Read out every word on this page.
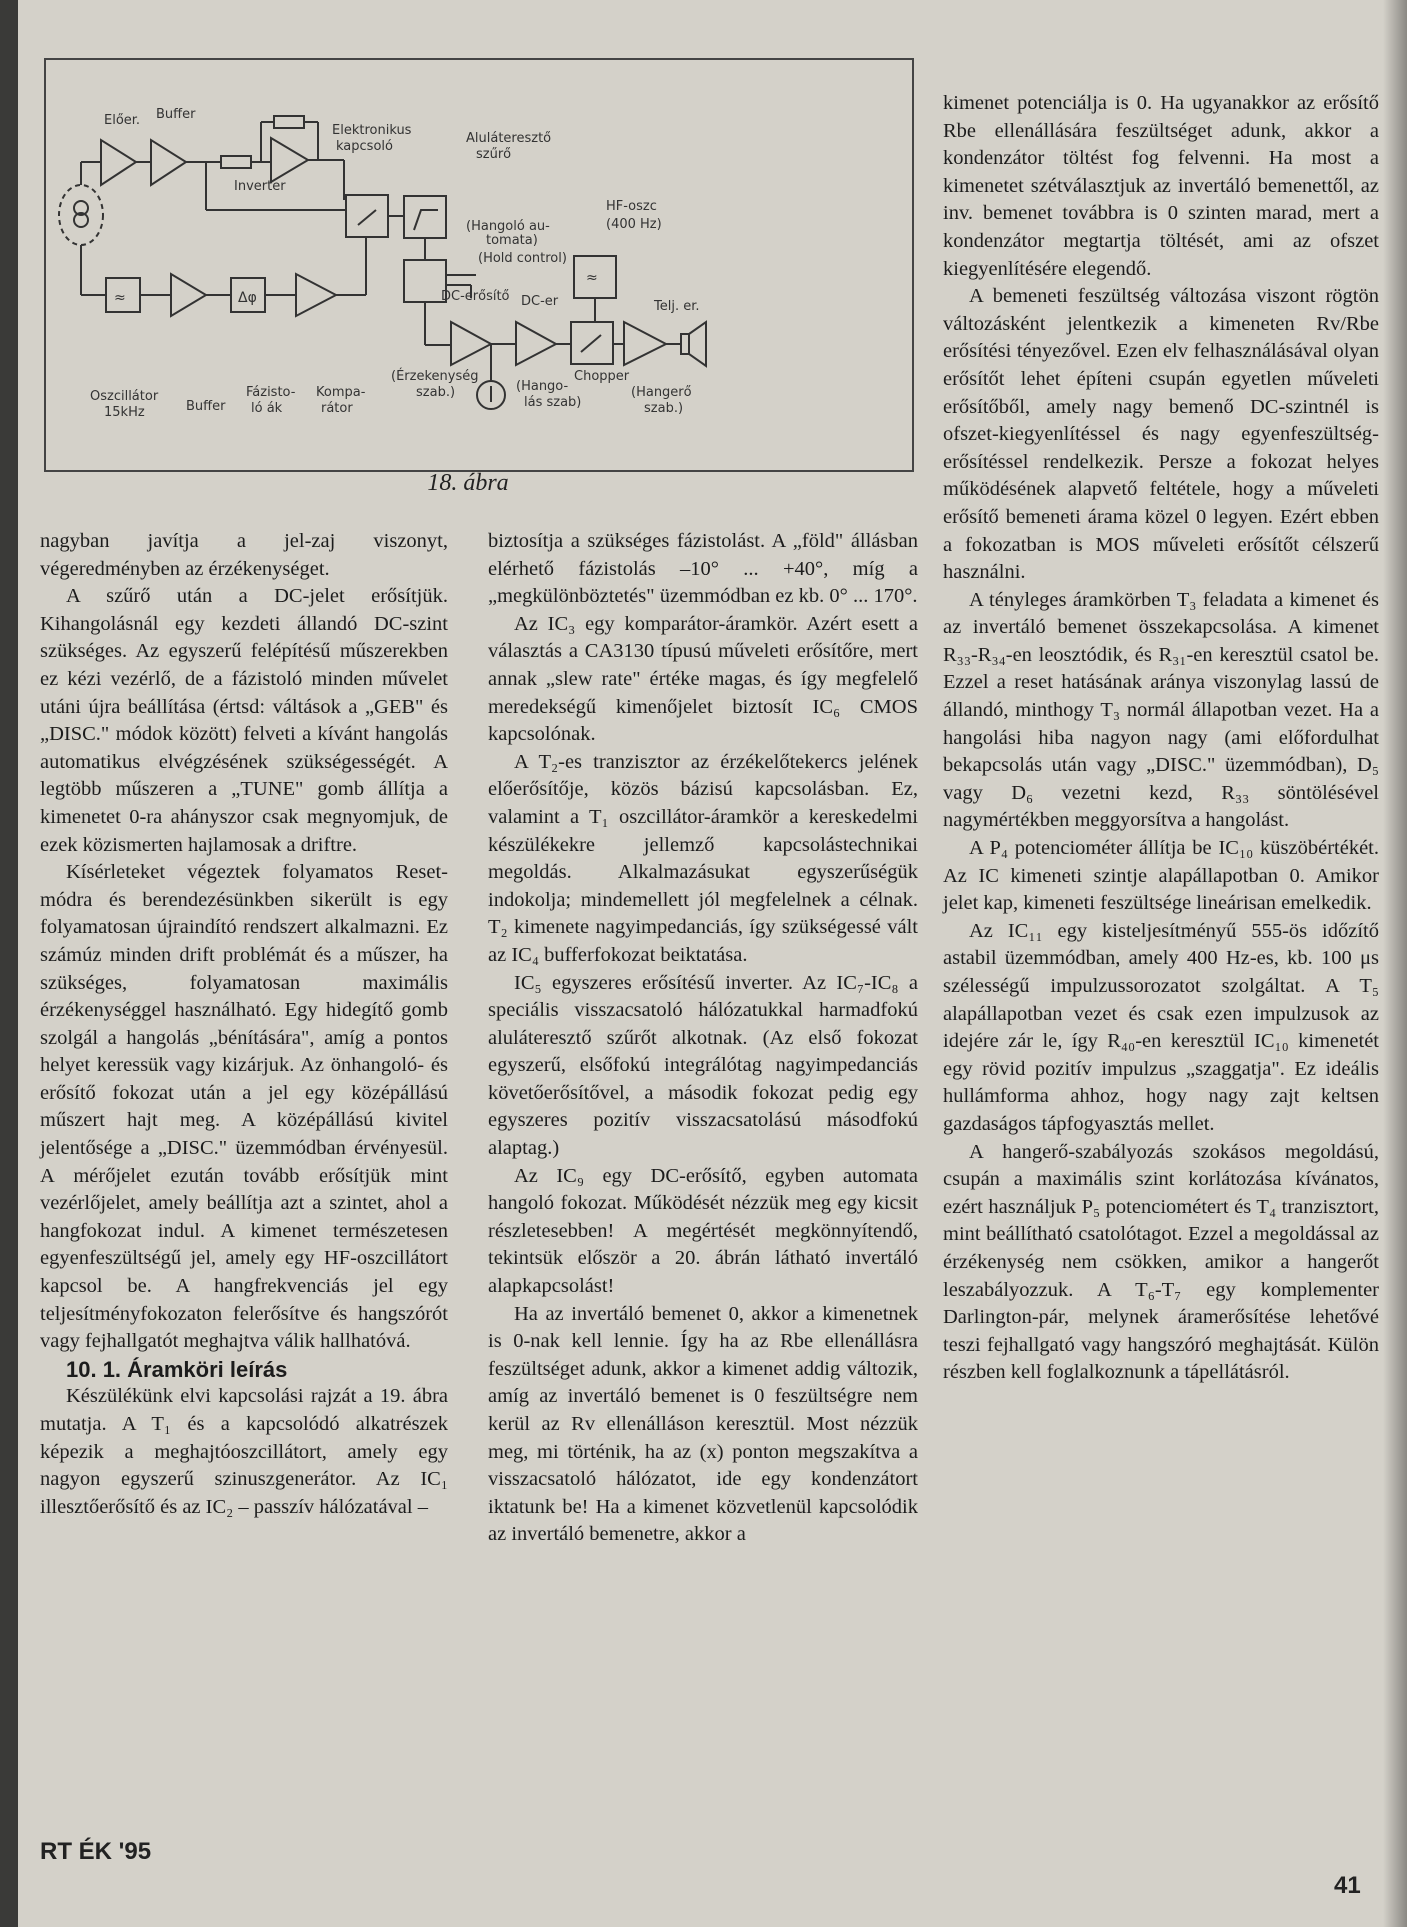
Előer. Buffer
Elektronikus
kapcsoló
Inverter
Aluláteresztő
szűrő
HF-oszc
(400 Hz)
(Hangoló au-
tomata)
(Hold control)
DC-erősítő DC-er	Telj. er.
Chopper
(Érzekenység
szab.)	(Hango-
lás szab)
(Hangerő
szab.)
Oszcillátor
15kHz	Buffer
Fázisto-
ló ák
Kompa-
rátor
≈	Δφ
≈
18. ábra

nagyban javítja a jel-zaj viszonyt, végeredményben az érzékenységet.

A szűrő után a DC-jelet erősítjük. Kihangolásnál egy kezdeti állandó DC-szint szükséges. Az egyszerű felépítésű műszerekben ez kézi vezérlő, de a fázistoló minden művelet utáni újra beállítása (értsd: váltások a „GEB" és „DISC." módok között) felveti a kívánt hangolás automatikus elvégzésének szükségességét. A legtöbb műszeren a „TUNE" gomb állítja a kimenetet 0-ra ahányszor csak megnyomjuk, de ezek közismerten hajlamosak a driftre.

Kísérleteket végeztek folyamatos Reset-módra és berendezésünkben sikerült is egy folyamatosan újraindító rendszert alkalmazni. Ez számúz minden drift problémát és a műszer, ha szükséges, folyamatosan maximális érzékenységgel használható. Egy hidegítő gomb szolgál a hangolás „bénítására", amíg a pontos helyet keressük vagy kizárjuk. Az önhangoló- és erősítő fokozat után a jel egy középállású műszert hajt meg. A középállású kivitel jelentősége a „DISC." üzemmódban érvényesül. A mérőjelet ezután tovább erősítjük mint vezérlőjelet, amely beállítja azt a szintet, ahol a hangfokozat indul. A kimenet természetesen egyenfeszültségű jel, amely egy HF-oszcillátort kapcsol be. A hangfrekvenciás jel egy teljesítményfokozaton felerősítve és hangszórót vagy fejhallgatót meghajtva válik hallhatóvá.

10. 1. Áramköri leírás

Készülékünk elvi kapcsolási rajzát a 19. ábra mutatja. A T₁ és a kapcsolódó alkatrészek képezik a meghajtóoszcillátort, amely egy nagyon egyszerű szinuszgenerátor. Az IC₁ illesztőerősítő és az IC₂ – passzív hálózatával –

biztosítja a szükséges fázistolást. A „föld" állásban elérhető fázistolás –10° ... +40°, míg a „megkülönböztetés" üzemmódban ez kb. 0° ... 170°.

Az IC₃ egy komparátor-áramkör. Azért esett a választás a CA3130 típusú műveleti erősítőre, mert annak „slew rate" értéke magas, és így megfelelő meredekségű kimenőjelet biztosít IC₆ CMOS kapcsolónak.

A T₂-es tranzisztor az érzékelőtekercs jelének előerősítője, közös bázisú kapcsolásban. Ez, valamint a T₁ oszcillátor-áramkör a kereskedelmi készülékekre jellemző kapcsolástechnikai megoldás. Alkalmazásukat egyszerűségük indokolja; mindemellett jól megfelelnek a célnak. T₂ kimenete nagyimpedanciás, így szükségessé vált az IC₄ bufferfokozat beiktatása.

IC₅ egyszeres erősítésű inverter. Az IC₇-IC₈ a speciális visszacsatoló hálózatukkal harmadfokú aluláteresztő szűrőt alkotnak. (Az első fokozat egyszerű, elsőfokú integrálótag nagyimpedanciás követőerősítővel, a második fokozat pedig egy egyszeres pozitív visszacsatolású másodfokú alaptag.)

Az IC₉ egy DC-erősítő, egyben automata hangoló fokozat. Működését nézzük meg egy kicsit részletesebben! A megértését megkönnyítendő, tekintsük először a 20. ábrán látható invertáló alapkapcsolást!

Ha az invertáló bemenet 0, akkor a kimenetnek is 0-nak kell lennie. Így ha az Rbe ellenállásra feszültséget adunk, akkor a kimenet addig változik, amíg az invertáló bemenet is 0 feszültségre nem kerül az Rv ellenálláson keresztül. Most nézzük meg, mi történik, ha az (x) ponton megszakítva a visszacsatoló hálózatot, ide egy kondenzátort iktatunk be! Ha a kimenet közvetlenül kapcsolódik az invertáló bemenetre, akkor a

kimenet potenciálja is 0. Ha ugyanakkor az erősítő Rbe ellenállására feszültséget adunk, akkor a kondenzátor töltést fog felvenni. Ha most a kimenetet szétválasztjuk az invertáló bemenettől, az inv. bemenet továbbra is 0 szinten marad, mert a kondenzátor megtartja töltését, ami az ofszet kiegyenlítésére elegendő.

A bemeneti feszültség változása viszont rögtön változásként jelentkezik a kimeneten Rv/Rbe erősítési tényezővel. Ezen elv felhasználásával olyan erősítőt lehet építeni csupán egyetlen műveleti erősítőből, amely nagy bemenő DC-szintnél is ofszet-kiegyenlítéssel és nagy egyenfeszültség-erősítéssel rendelkezik. Persze a fokozat helyes működésének alapvető feltétele, hogy a műveleti erősítő bemeneti árama közel 0 legyen. Ezért ebben a fokozatban is MOS műveleti erősítőt célszerű használni.

A tényleges áramkörben T₃ feladata a kimenet és az invertáló bemenet összekapcsolása. A kimenet R₃₃-R₃₄-en leosztódik, és R₃₁-en keresztül csatol be. Ezzel a reset hatásának aránya viszonylag lassú de állandó, minthogy T₃ normál állapotban vezet. Ha a hangolási hiba nagyon nagy (ami előfordulhat bekapcsolás után vagy „DISC." üzemmódban), D₅ vagy D₆ vezetni kezd, R₃₃ söntölésével nagymértékben meggyorsítva a hangolást.

A P₄ potenciométer állítja be IC₁₀ küszöbértékét. Az IC kimeneti szintje alapállapotban 0. Amikor jelet kap, kimeneti feszültsége lineárisan emelkedik.

Az IC₁₁ egy kisteljesítményű 555-ös időzítő astabil üzemmódban, amely 400 Hz-es, kb. 100 μs szélességű impulzussorozatot szolgáltat. A T₅ alapállapotban vezet és csak ezen impulzusok az idejére zár le, így R₄₀-en keresztül IC₁₀ kimenetét egy rövid pozitív impulzus „szaggatja". Ez ideális hullámforma ahhoz, hogy nagy zajt keltsen gazdaságos tápfogyasztás mellet.

A hangerő-szabályozás szokásos megoldású, csupán a maximális szint korlátozása kívánatos, ezért használjuk P₅ potenciométert és T₄ tranzisztort, mint beállítható csatolótagot. Ezzel a megoldással az érzékenység nem csökken, amikor a hangerőt leszabályozzuk. A T₆-T₇ egy komplementer Darlington-pár, melynek áramerősítése lehetővé teszi fejhallgató vagy hangszóró meghajtását. Külön részben kell foglalkoznunk a tápellátásról.

RT ÉK '95
41
